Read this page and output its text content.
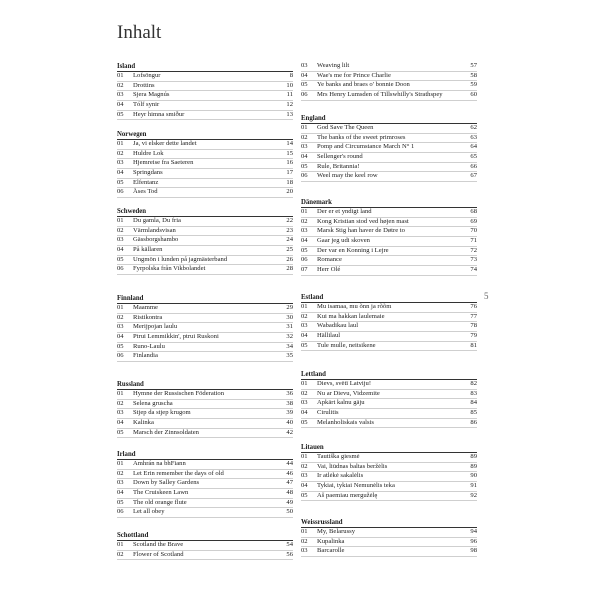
Inhalt
5
Island
01	Lofsöngur	8
02	Drottins	10
03	Sjera Magnús	11
04	Tólf synir	12
05	Heyr himna smiður	13
Norwegen
01	Ja, vi elsker dette landet	14
02	Huldre Lok	15
03	Hjemreise fra Saeteren	16
04	Springdans	17
05	Elfentanz	18
06	Åses Tod	20
Schweden
01	Du gamla, Du fria	22
02	Värmlandsvisan	23
03	Gässborgshambo	24
04	På källaren	25
05	Ungmön i lunden på jagmästerband	26
06	Fyrpolska från Vikbolandet	28
Finnland
01	Maamme	29
02	Ristikontra	30
03	Merijpojan laulu	31
04	Ptrui Lemmikkin', ptrui Ruskoni	32
05	Runo-Laulu	34
06	Finlandia	35
Russland
01	Hymne der Russischen Föderation	36
02	Selena gruscha	38
03	Stjep da stjep krugom	39
04	Kalinka	40
05	Marsch der Zinnsoldaten	42
Irland
01	Amhrán na bhFiann	44
02	Let Erin remember the days of old	46
03	Down by Salley Gardens	47
04	The Cruiskeen Lawn	48
05	The old orange flute	49
06	Let all obey	50
Schottland
01	Scotland the Brave	54
02	Flower of Scotland	56
03	Weaving lilt	57
04	Wae's me for Prince Charlie	58
05	Ye banks and braes o' bonnie Doon	59
06	Mrs Henry Lumsden of Tillswhilly's Strathspey	60
England
01	God Save The Queen	62
02	The banks of the sweet primroses	63
03	Pomp and Circumstance March N° 1	64
04	Sellenger's round	65
05	Rule, Britannia!	66
06	Weel may the keel row	67
Dänemark
01	Der er et yndigt land	68
02	Kong Kristian stod ved højen mast	69
03	Marsk Stig han haver de Døtre to	70
04	Gaar jeg udi skoven	71
05	Der var en Konning i Lejre	72
06	Romance	73
07	Herr Olé	74
Estland
01	Mu isamaa, mu õnn ja rõõm	76
02	Kui ma hakkan laulemaie	77
03	Wabadikau laul	78
04	Hällilaul	79
05	Tule mulle, neitsikene	81
Lettland
01	Dievs, svētī Latviju!	82
02	Nu ar Dievu, Vidzemite	83
03	Apkārt kalnu gāju	84
04	Cirulitis	85
05	Melanholiskais valsis	86
Litauen
01	Tautiška giesmė	89
02	Vai, lіūdnas baltas beržėlis	89
03	Ir atlėkė sakalėlis	90
04	Tykiai, tykiai Nemunėlis teka	91
05	Aš paemiau mergužėlę	92
Weissrussland
01	My, Belarussy	94
02	Kupalinka	96
03	Barcarolle	98
